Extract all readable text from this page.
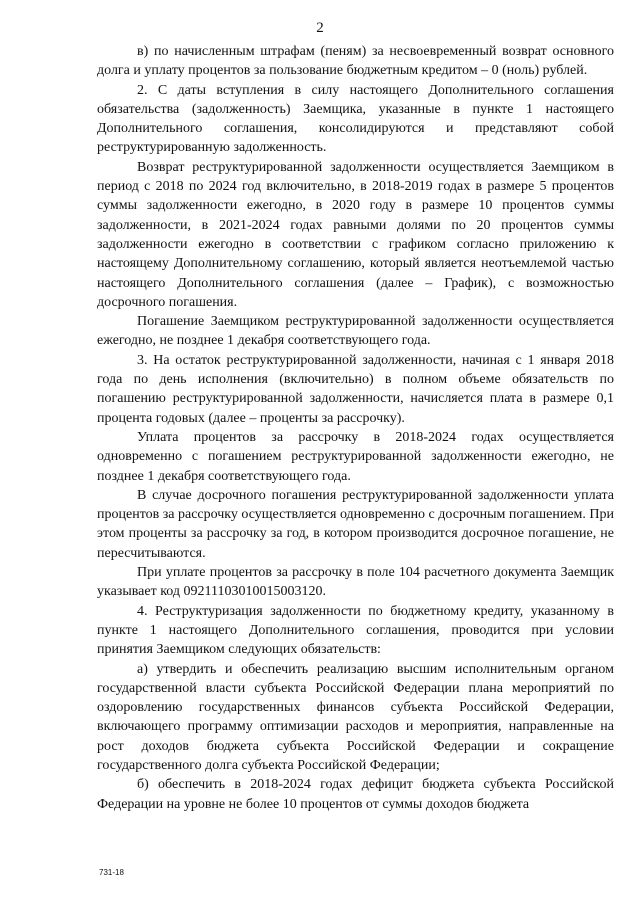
2

в) по начисленным штрафам (пеням) за несвоевременный возврат основного долга и уплату процентов за пользование бюджетным кредитом – 0 (ноль) рублей.

2. С даты вступления в силу настоящего Дополнительного соглашения обязательства (задолженность) Заемщика, указанные в пункте 1 настоящего Дополнительного соглашения, консолидируются и представляют собой реструктурированную задолженность.

Возврат реструктурированной задолженности осуществляется Заемщиком в период с 2018 по 2024 год включительно, в 2018-2019 годах в размере 5 процентов суммы задолженности ежегодно, в 2020 году в размере 10 процентов суммы задолженности, в 2021-2024 годах равными долями по 20 процентов суммы задолженности ежегодно в соответствии с графиком согласно приложению к настоящему Дополнительному соглашению, который является неотъемлемой частью настоящего Дополнительного соглашения (далее – График), с возможностью досрочного погашения.

Погашение Заемщиком реструктурированной задолженности осуществляется ежегодно, не позднее 1 декабря соответствующего года.

3. На остаток реструктурированной задолженности, начиная с 1 января 2018 года по день исполнения (включительно) в полном объеме обязательств по погашению реструктурированной задолженности, начисляется плата в размере 0,1 процента годовых (далее – проценты за рассрочку).

Уплата процентов за рассрочку в 2018-2024 годах осуществляется одновременно с погашением реструктурированной задолженности ежегодно, не позднее 1 декабря соответствующего года.

В случае досрочного погашения реструктурированной задолженности уплата процентов за рассрочку осуществляется одновременно с досрочным погашением. При этом проценты за рассрочку за год, в котором производится досрочное погашение, не пересчитываются.

При уплате процентов за рассрочку в поле 104 расчетного документа Заемщик указывает код 09211103010015003120.

4. Реструктуризация задолженности по бюджетному кредиту, указанному в пункте 1 настоящего Дополнительного соглашения, проводится при условии принятия Заемщиком следующих обязательств:

а) утвердить и обеспечить реализацию высшим исполнительным органом государственной власти субъекта Российской Федерации плана мероприятий по оздоровлению государственных финансов субъекта Российской Федерации, включающего программу оптимизации расходов и мероприятия, направленные на рост доходов бюджета субъекта Российской Федерации и сокращение государственного долга субъекта Российской Федерации;

б) обеспечить в 2018-2024 годах дефицит бюджета субъекта Российской Федерации на уровне не более 10 процентов от суммы доходов бюджета

731-18
